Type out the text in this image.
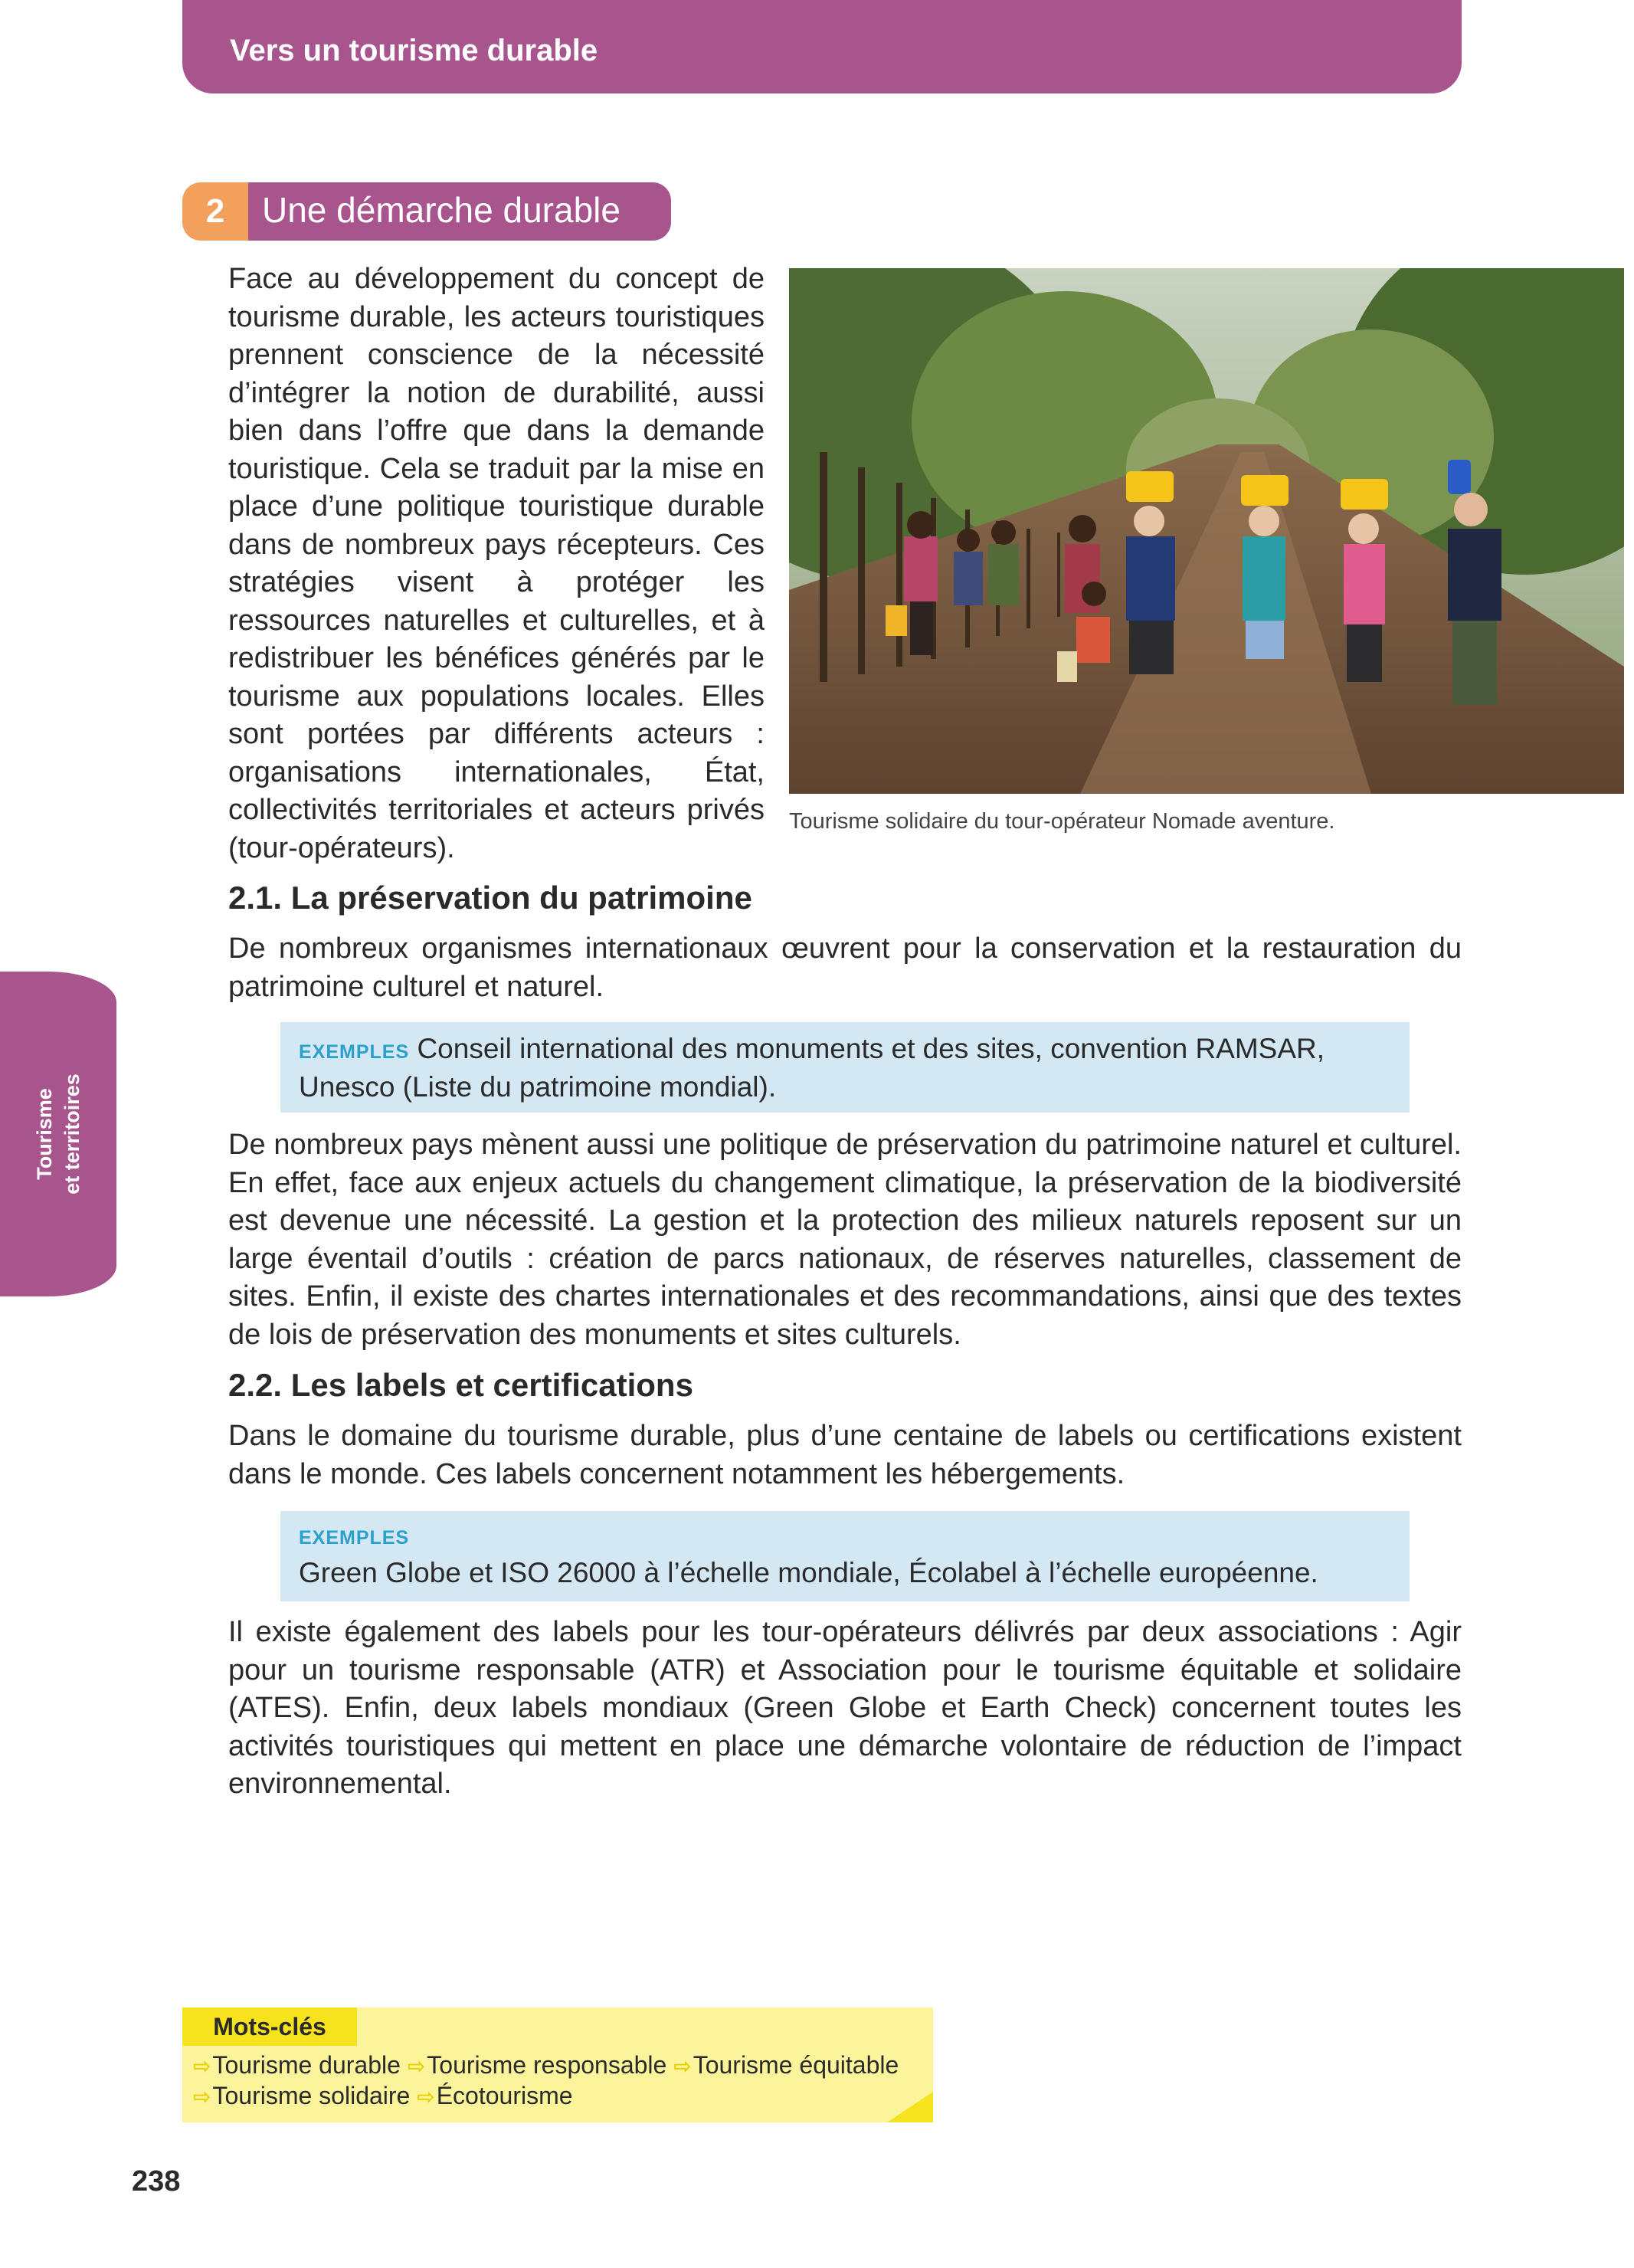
Vers un tourisme durable
Tourisme et territoires
2	Une démarche durable
Face au développement du concept de tourisme durable, les acteurs touristiques prennent conscience de la nécessité d’intégrer la notion de durabilité, aussi bien dans l’offre que dans la demande touristique. Cela se traduit par la mise en place d’une politique touristique durable dans de nombreux pays récepteurs. Ces stratégies visent à protéger les ressources naturelles et culturelles, et à redistribuer les bénéfices générés par le tourisme aux populations locales. Elles sont portées par différents acteurs : organisations internationales, État, collectivités territoriales et acteurs privés (tour-opérateurs).
Tourisme solidaire du tour-opérateur Nomade aventure.
2.1. La préservation du patrimoine
De nombreux organismes internationaux œuvrent pour la conservation et la restauration du patrimoine culturel et naturel.
EXEMPLES Conseil international des monuments et des sites, convention RAMSAR, Unesco (Liste du patrimoine mondial).
De nombreux pays mènent aussi une politique de préservation du patrimoine naturel et culturel. En effet, face aux enjeux actuels du changement climatique, la préservation de la biodiversité est devenue une nécessité. La gestion et la protection des milieux naturels reposent sur un large éventail d’outils : création de parcs nationaux, de réserves naturelles, classement de sites. Enfin, il existe des chartes internationales et des recommandations, ainsi que des textes de lois de préservation des monuments et sites culturels.
2.2. Les labels et certifications
Dans le domaine du tourisme durable, plus d’une centaine de labels ou certifications existent dans le monde. Ces labels concernent notamment les hébergements.
EXEMPLES
Green Globe et ISO 26000 à l’échelle mondiale, Écolabel à l’échelle européenne.
Il existe également des labels pour les tour-opérateurs délivrés par deux associations : Agir pour un tourisme responsable (ATR) et Association pour le tourisme équitable et solidaire (ATES). Enfin, deux labels mondiaux (Green Globe et Earth Check) concernent toutes les activités touristiques qui mettent en place une démarche volontaire de réduction de l’impact environnemental.
Mots-clés
⇨Tourisme durable ⇨Tourisme responsable ⇨Tourisme équitable
⇨Tourisme solidaire ⇨Écotourisme
238
